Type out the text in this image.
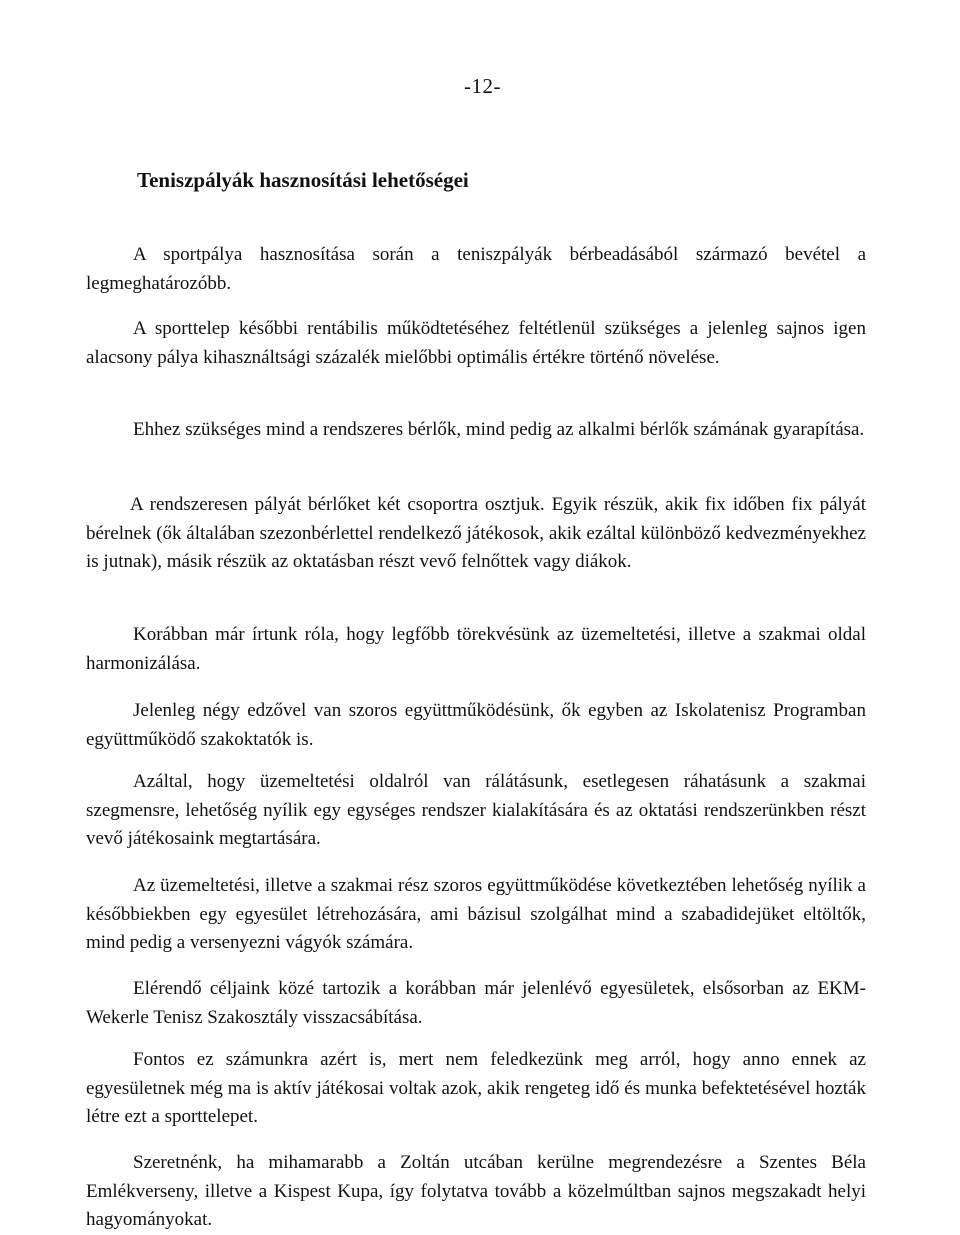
-12-
Teniszpályák hasznosítási lehetőségei

A sportpálya hasznosítása során a teniszpályák bérbeadásából származó bevétel a legmeghatározóbb.

A sporttelep későbbi rentábilis működtetéséhez feltétlenül szükséges a jelenleg sajnos igen alacsony pálya kihasználtsági százalék mielőbbi optimális értékre történő növelése.

Ehhez szükséges mind a rendszeres bérlők, mind pedig az alkalmi bérlők számának gyarapítása.

A rendszeresen pályát bérlőket két csoportra osztjuk. Egyik részük, akik fix időben fix pályát bérelnek (ők általában szezonbérlettel rendelkező játékosok, akik ezáltal különböző kedvezményekhez is jutnak), másik részük az oktatásban részt vevő felnőttek vagy diákok.

Korábban már írtunk róla, hogy legfőbb törekvésünk az üzemeltetési, illetve a szakmai oldal harmonizálása.

Jelenleg négy edzővel van szoros együttműködésünk, ők egyben az Iskolatenisz Programban együttműködő szakoktatók is.

Azáltal, hogy üzemeltetési oldalról van rálátásunk, esetlegesen ráhatásunk a szakmai szegmensre, lehetőség nyílik egy egységes rendszer kialakítására és az oktatási rendszerünkben részt vevő játékosaink megtartására.

Az üzemeltetési, illetve a szakmai rész szoros együttműködése következtében lehetőség nyílik a későbbiekben egy egyesület létrehozására, ami bázisul szolgálhat mind a szabadidejüket eltöltők, mind pedig a versenyezni vágyók számára.

Elérendő céljaink közé tartozik a korábban már jelenlévő egyesületek, elsősorban az EKM-Wekerle Tenisz Szakosztály visszacsábítása.

Fontos ez számunkra azért is, mert nem feledkezünk meg arról, hogy anno ennek az egyesületnek még ma is aktív játékosai voltak azok, akik rengeteg idő és munka befektetésével hozták létre ezt a sporttelepet.

Szeretnénk, ha mihamarabb a Zoltán utcában kerülne megrendezésre a Szentes Béla Emlékverseny, illetve a Kispest Kupa, így folytatva tovább a közelmúltban sajnos megszakadt helyi hagyományokat.
